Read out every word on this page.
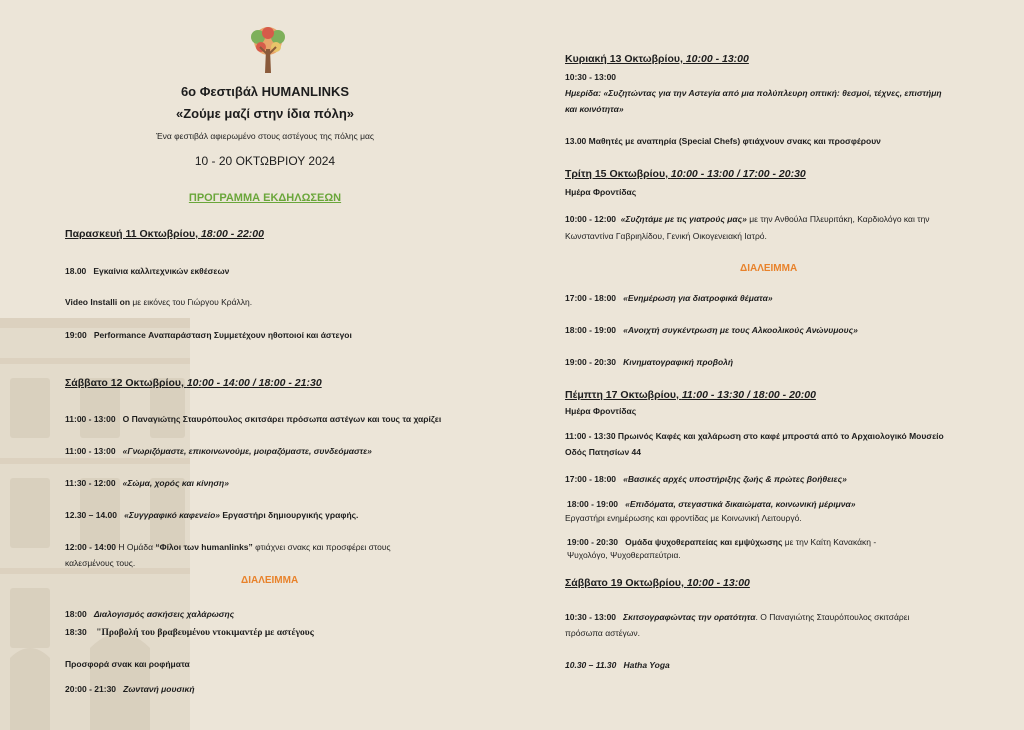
6ο Φεστιβάλ HUMANLINKS
«Ζούμε μαζί στην ίδια πόλη»
Ένα φεστιβάλ αφιερωμένο στους αστέγους της πόλης μας
10 - 20 ΟΚΤΩΒΡΙΟΥ 2024
ΠΡΟΓΡΑΜΜΑ ΕΚΔΗΛΩΣΕΩΝ
Παρασκευή 11 Οκτωβρίου, 18:00 - 22:00
18.00 Εγκαίνια καλλιτεχνικών εκθέσεων
Video Installi on με εικόνες του Γιώργου Κράλλη.
19:00 Performance Αναπαράσταση Συμμετέχουν ηθοποιοί και άστεγοι
Σάββατο 12 Οκτωβρίου, 10:00 - 14:00 / 18:00 - 21:30
11:00 - 13:00 Ο Παναγιώτης Σταυρόπουλος σκιτσάρει πρόσωπα αστέγων και τους τα χαρίζει
11:00 - 13:00 «Γνωριζόμαστε, επικοινωνούμε, μοιραζόμαστε, συνδεόμαστε»
11:30 - 12:00 «Σώμα, χορός και κίνηση»
12.30 – 14.00 «Συγγραφικό καφενείο» Εργαστήρι δημιουργικής γραφής.
12:00 - 14:00 Η Ομάδα “Φίλοι των humanlinks” φτιάχνει σνακς και προσφέρει στους
καλεσμένους τους.
ΔΙΑΛΕΙΜΜΑ
18:00 Διαλογισμός ασκήσεις χαλάρωσης
18:30 "Προβολή του βραβευμένου ντοκιμαντέρ με αστέγους
Προσφορά σνακ και ροφήματα
20:00 - 21:30 Ζωντανή μουσική
Κυριακή 13 Οκτωβρίου, 10:00 - 13:00
10:30 - 13:00
Ημερίδα: «Συζητώντας για την Αστεγία από μια πολύπλευρη οπτική: θεσμοί, τέχνες, επιστήμη
και κοινότητα»
13.00 Μαθητές με αναπηρία (Special Chefs) φτιάχνουν σνακς και προσφέρουν
Τρίτη 15 Οκτωβρίου, 10:00 - 13:00 / 17:00 - 20:30
Ημέρα Φροντίδας
10:00 - 12:00 «Συζητάμε με τις γιατρούς μας» με την Ανθούλα Πλευριτάκη, Καρδιολόγο και την
Κωνσταντίνα Γαβριηλίδου, Γενική Οικογενειακή Ιατρό.
ΔΙΑΛΕΙΜΜΑ
17:00 - 18:00 «Ενημέρωση για διατροφικά θέματα»
18:00 - 19:00 «Ανοιχτή συγκέντρωση με τους Αλκοολικούς Ανώνυμους»
19:00 - 20:30 Κινηματογραφική προβολή
Πέμπτη 17 Οκτωβρίου, 11:00 - 13:30 / 18:00 - 20:00
Ημέρα Φροντίδας
11:00 - 13:30 Πρωινός Καφές και χαλάρωση στο καφέ μπροστά από το Αρχαιολογικό Μουσείο
Οδός Πατησίων 44
17:00 - 18:00 «Βασικές αρχές υποστήριξης ζωής & πρώτες βοήθειες»
18:00 - 19:00 «Επιδόματα, στεγαστικά δικαιώματα, κοινωνική μέριμνα»
Εργαστήρι ενημέρωσης και φροντίδας με Κοινωνική Λειτουργό.
19:00 - 20:30 Ομάδα ψυχοθεραπείας και εμψύχωσης με την Καίτη Κανακάκη -
Ψυχολόγο, Ψυχοθεραπεύτρια.
Σάββατο 19 Οκτωβρίου, 10:00 - 13:00
10:30 - 13:00 Σκιτσογραφώντας την ορατότητα. Ο Παναγιώτης Σταυρόπουλος σκιτσάρει
πρόσωπα αστέγων.
10.30 – 11.30 Hatha Yoga
